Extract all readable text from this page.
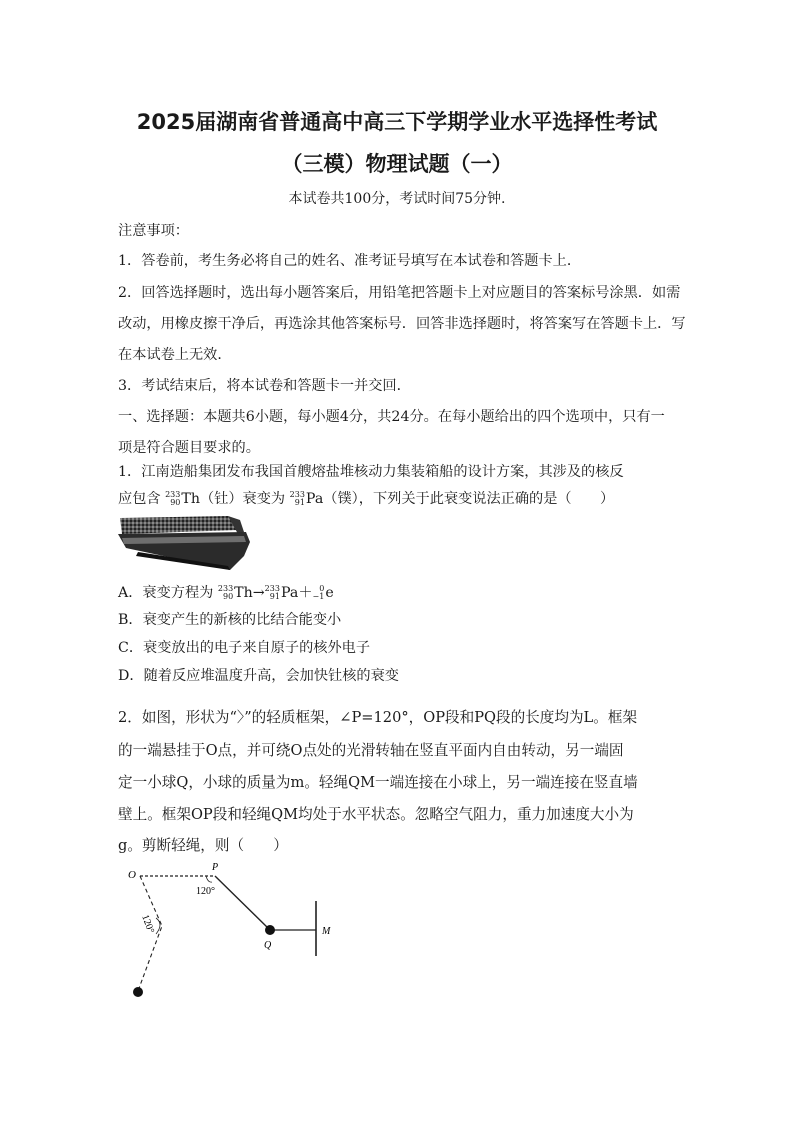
2025届湖南省普通高中高三下学期学业水平选择性考试
（三模）物理试题（一）
本试卷共100分，考试时间75分钟.
注意事项：
1．答卷前，考生务必将自己的姓名、准考证号填写在本试卷和答题卡上．
2．回答选择题时，选出每小题答案后，用铅笔把答题卡上对应题目的答案标号涂黑．如需
改动，用橡皮擦干净后，再选涂其他答案标号．回答非选择题时，将答案写在答题卡上．写
在本试卷上无效．
3．考试结束后，将本试卷和答题卡一并交回．
一、选择题：本题共6小题，每小题4分，共24分。在每小题给出的四个选项中，只有一
项是符合题目要求的。
1．江南造船集团发布我国首艘熔盐堆核动力集装箱船的设计方案，其涉及的核反
应包含 233
90Th（钍）衰变为 233
91Pa（镤），下列关于此衰变说法正确的是（　　）
A．衰变方程为 233
90Th→233
91Pa＋ 0
−1e
B．衰变产生的新核的比结合能变小
C．衰变放出的电子来自原子的核外电子
D．随着反应堆温度升高，会加快钍核的衰变
2．如图，形状为“〉”的轻质框架，∠P=120°，OP段和PQ段的长度均为L。框架
的一端悬挂于O点，并可绕O点处的光滑转轴在竖直平面内自由转动，另一端固
定一小球Q，小球的质量为m。轻绳QM一端连接在小球上，另一端连接在竖直墙
壁上。框架OP段和轻绳QM均处于水平状态。忽略空气阻力，重力加速度大小为
g。剪断轻绳，则（　　）
O
P
120°
Q
M
120°
